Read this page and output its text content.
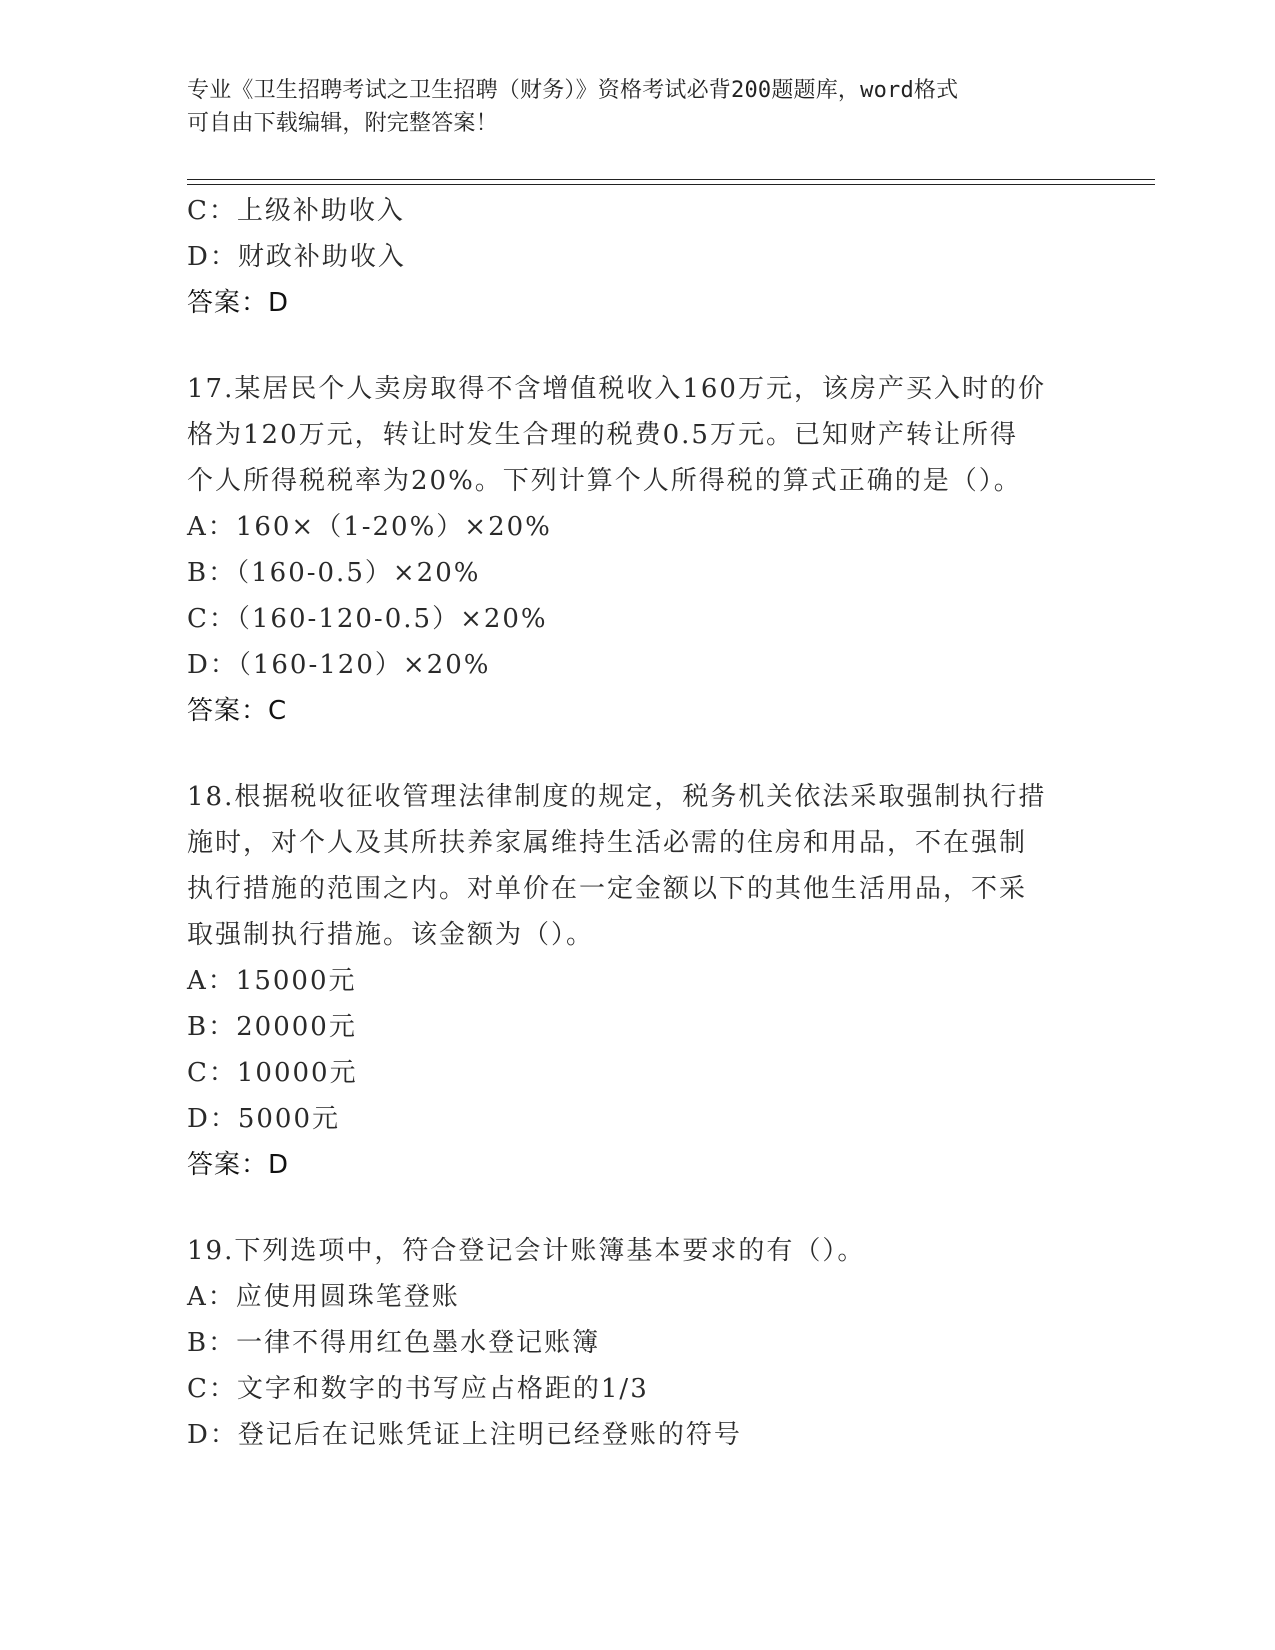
专业《卫生招聘考试之卫生招聘（财务）》资格考试必背200题题库，word格式
可自由下载编辑，附完整答案！
C：上级补助收入
D：财政补助收入
答案：D
17.某居民个人卖房取得不含增值税收入160万元，该房产买入时的价
格为120万元，转让时发生合理的税费0.5万元。已知财产转让所得
个人所得税税率为20%。下列计算个人所得税的算式正确的是（）。
A：160×（1-20%）×20%
B：（160-0.5）×20%
C：（160-120-0.5）×20%
D：（160-120）×20%
答案：C
18.根据税收征收管理法律制度的规定，税务机关依法采取强制执行措
施时，对个人及其所扶养家属维持生活必需的住房和用品，不在强制
执行措施的范围之内。对单价在一定金额以下的其他生活用品，不采
取强制执行措施。该金额为（）。
A：15000元
B：20000元
C：10000元
D：5000元
答案：D
19.下列选项中，符合登记会计账簿基本要求的有（）。
A：应使用圆珠笔登账
B：一律不得用红色墨水登记账簿
C：文字和数字的书写应占格距的1/3
D：登记后在记账凭证上注明已经登账的符号
